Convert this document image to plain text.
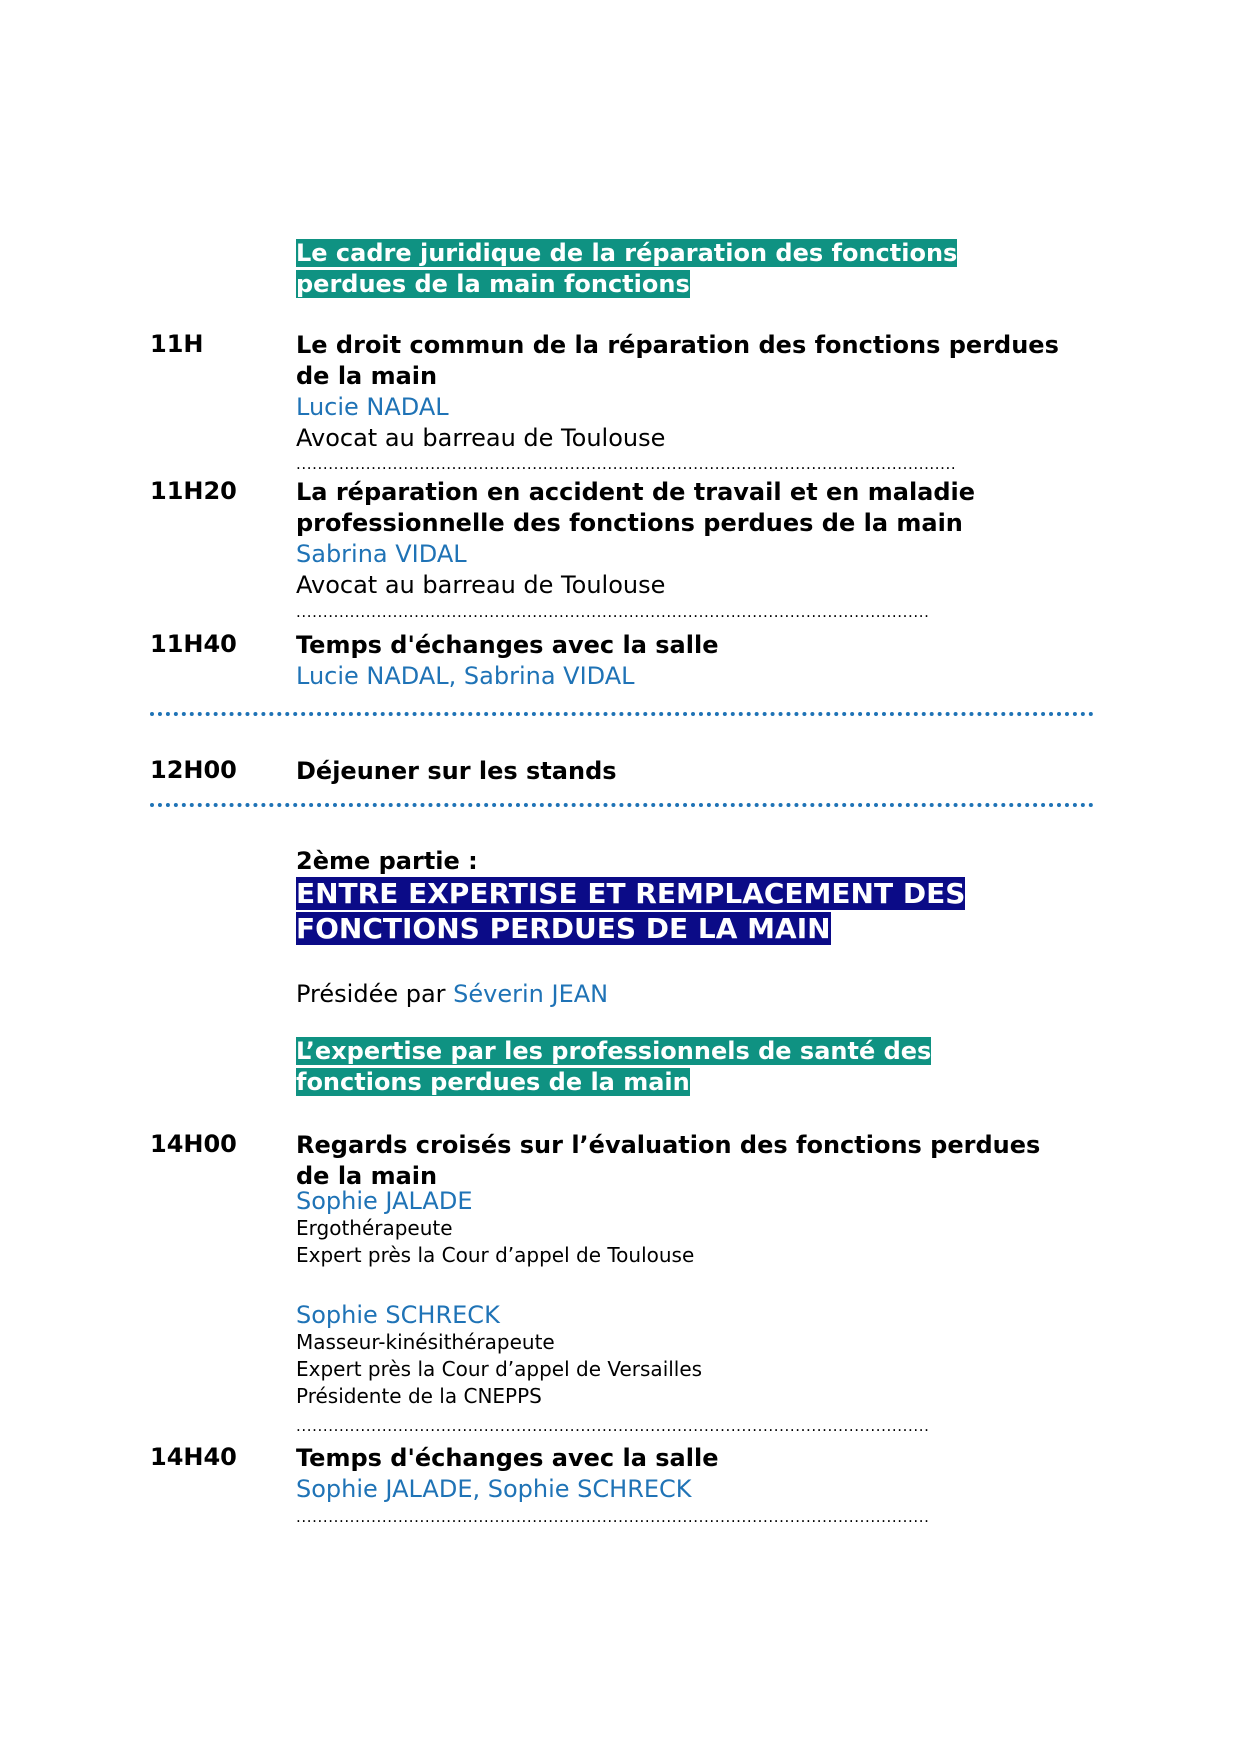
Le cadre juridique de la réparation des fonctions
perdues de la main fonctions
11H	Le droit commun de la réparation des fonctions perdues
de la main
Lucie NADAL
Avocat au barreau de Toulouse
...........................................................................................................................
11H20 La réparation en accident de travail et en maladie
professionnelle des fonctions perdues de la main
Sabrina VIDAL
Avocat au barreau de Toulouse
......................................................................................................................
11H40 Temps d'échanges avec la salle
Lucie NADAL, Sabrina VIDAL
12H00 Déjeuner sur les stands
2ème partie :
ENTRE EXPERTISE ET REMPLACEMENT DES
FONCTIONS PERDUES DE LA MAIN
Présidée par Séverin JEAN
L’expertise par les professionnels de santé des
fonctions perdues de la main
14H00 Regards croisés sur l’évaluation des fonctions perdues
de la main
Sophie JALADE
Ergothérapeute
Expert près la Cour d’appel de Toulouse
Sophie SCHRECK
Masseur-kinésithérapeute
Expert près la Cour d’appel de Versailles
Présidente de la CNEPPS
......................................................................................................................
14H40 Temps d'échanges avec la salle
Sophie JALADE, Sophie SCHRECK
......................................................................................................................
